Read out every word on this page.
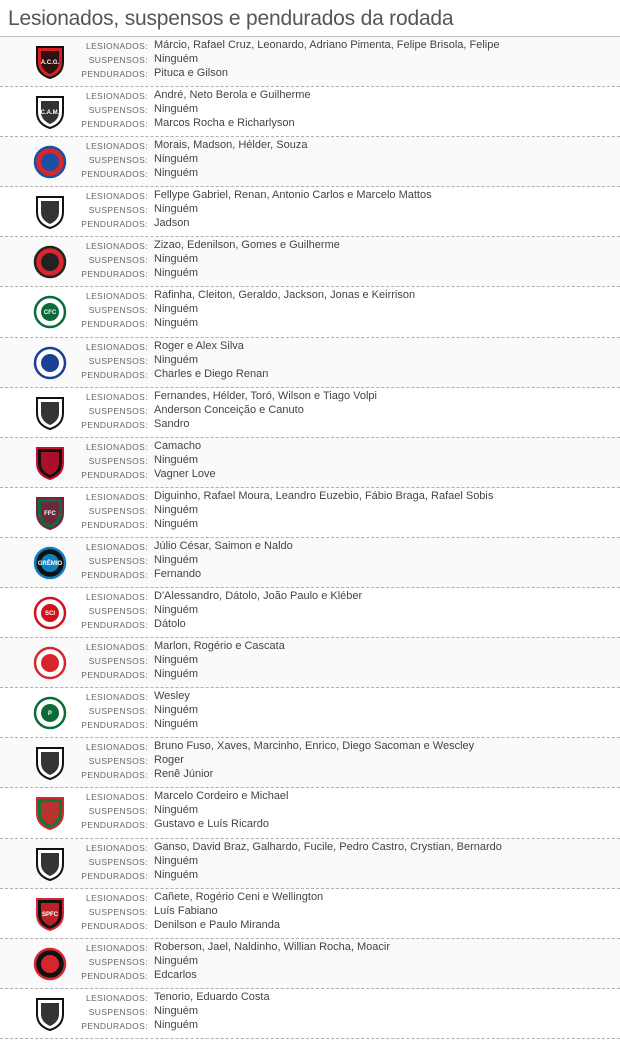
Lesionados, suspensos e pendurados da rodada
A.C.G.
LESIONADOS: Márcio, Rafael Cruz, Leonardo, Adriano Pimenta, Felipe Brisola, Felipe
SUSPENSOS: Ninguém
PENDURADOS: Pituca e Gilson
C.A.M.
LESIONADOS: André, Neto Berola e Guilherme
SUSPENSOS: Ninguém
PENDURADOS: Marcos Rocha e Richarlyson
LESIONADOS: Morais, Madson, Hélder, Souza
SUSPENSOS: Ninguém
PENDURADOS: Ninguém
LESIONADOS: Fellype Gabriel, Renan, Antonio Carlos e Marcelo Mattos
SUSPENSOS: Ninguém
PENDURADOS: Jadson
LESIONADOS: Zizao, Edenilson, Gomes e Guilherme
SUSPENSOS: Ninguém
PENDURADOS: Ninguém
CFC
LESIONADOS: Rafinha, Cleiton, Geraldo, Jackson, Jonas e Keirrison
SUSPENSOS: Ninguém
PENDURADOS: Ninguém
LESIONADOS: Roger e Alex Silva
SUSPENSOS: Ninguém
PENDURADOS: Charles e Diego Renan
LESIONADOS: Fernandes, Hélder, Toró, Wilson e Tiago Volpi
SUSPENSOS: Anderson Conceição e Canuto
PENDURADOS: Sandro
LESIONADOS: Camacho
SUSPENSOS: Ninguém
PENDURADOS: Vagner Love
FFC
LESIONADOS: Diguinho, Rafael Moura, Leandro Euzebio, Fábio Braga, Rafael Sobis
SUSPENSOS: Ninguém
PENDURADOS: Ninguém
GRÊMIO
LESIONADOS: Júlio César, Saimon e Naldo
SUSPENSOS: Ninguém
PENDURADOS: Fernando
SCI
LESIONADOS: D'Alessandro, Dátolo, João Paulo e Kléber
SUSPENSOS: Ninguém
PENDURADOS: Dátolo
LESIONADOS: Marlon, Rogério e Cascata
SUSPENSOS: Ninguém
PENDURADOS: Ninguém
P
LESIONADOS: Wesley
SUSPENSOS: Ninguém
PENDURADOS: Ninguém
LESIONADOS: Bruno Fuso, Xaves, Marcinho, Enrico, Diego Sacoman e Wescley
SUSPENSOS: Roger
PENDURADOS: Renê Júnior
LESIONADOS: Marcelo Cordeiro e Michael
SUSPENSOS: Ninguém
PENDURADOS: Gustavo e Luís Ricardo
LESIONADOS: Ganso, David Braz, Galhardo, Fucile, Pedro Castro, Crystian, Bernardo
SUSPENSOS: Ninguém
PENDURADOS: Ninguém
SPFC
LESIONADOS: Cañete, Rogério Ceni e Wellington
SUSPENSOS: Luís Fabiano
PENDURADOS: Denilson e Paulo Miranda
LESIONADOS: Roberson, Jael, Naldinho, Willian Rocha, Moacir
SUSPENSOS: Ninguém
PENDURADOS: Edcarlos
LESIONADOS: Tenorio, Eduardo Costa
SUSPENSOS: Ninguém
PENDURADOS: Ninguém
